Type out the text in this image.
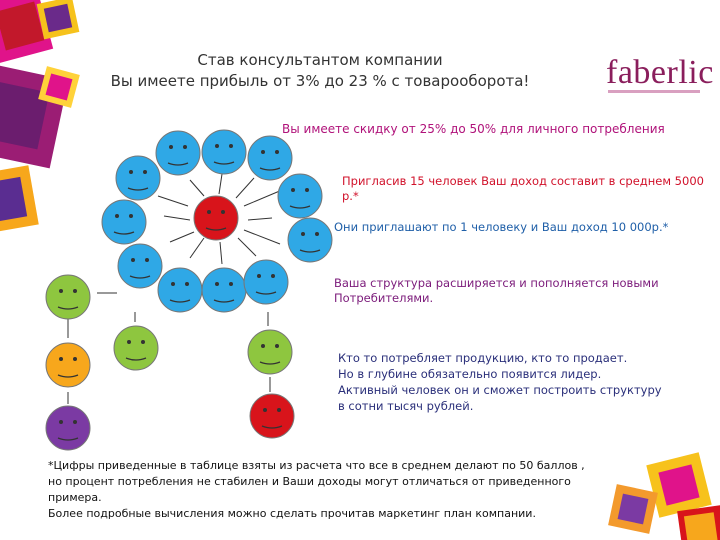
Став консультантом компании
Вы имеете прибыль от 3% до 23 % с товарооборота! faberlic
Вы имеете скидку от 25% до 50% для личного потребления
Пригласив 15 человек Ваш доход составит в среднем 5000 р.*
Они приглашают по 1 человеку и Ваш доход 10 000р.*
Ваша структура расширяется и пополняется новыми
Потребителями.
Кто то потребляет продукцию, кто то продает.
Но в глубине обязательно появится лидер.
Активный человек он и сможет построить структуру
в сотни тысяч рублей.
*Цифры приведенные в таблице взяты из расчета что все в среднем делают по 50 баллов ,
но процент потребления не стабилен и Ваши доходы могут отличаться от приведенного примера.
Более подробные вычисления можно сделать прочитав маркетинг план компании.
